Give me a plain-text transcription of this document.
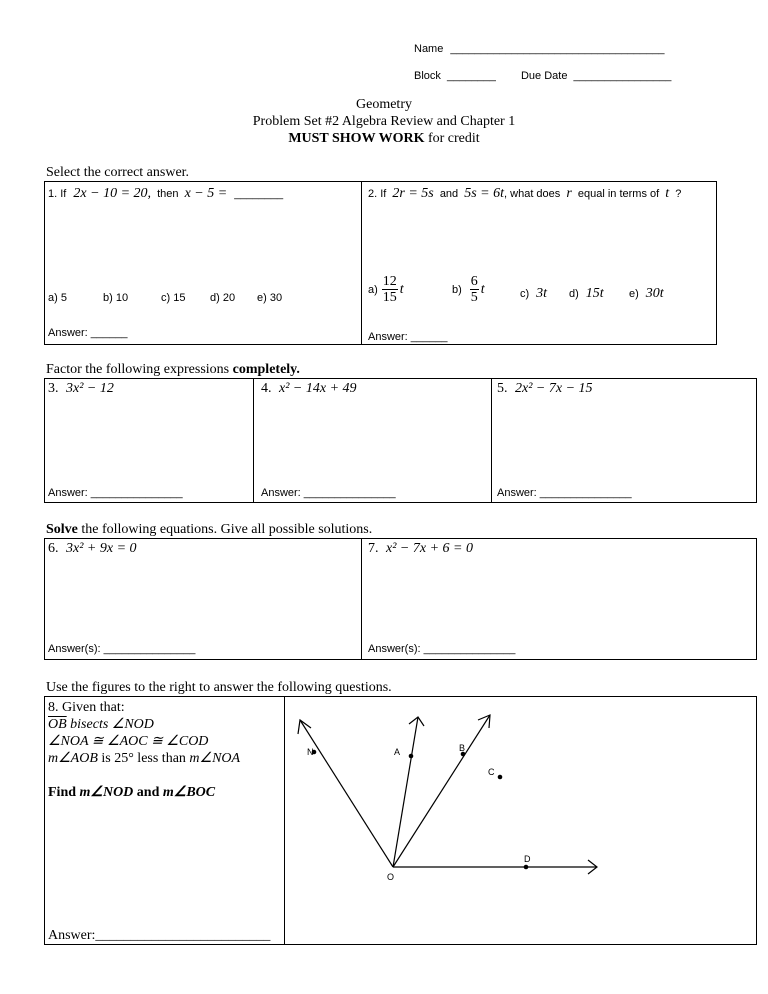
Name ___________________________________
Block ________ Due Date ________________
Geometry
Problem Set #2 Algebra Review and Chapter 1
MUST SHOW WORK for credit
Select the correct answer.
1. If 2x − 10 = 20, then x − 5 = ________
a) 5	b) 10	c) 15 d) 20 e) 30
Answer: ______
2. If 2r = 5s and 5s = 6t, what does r equal in terms of t ?
$a) \frac{12}{15}$ t	$b) \frac{6}{5}$ t	c) 3t d) 15t e) 30t
Answer: ______
Factor the following expressions completely.
3. 3x² − 12	4. x² − 14x + 49	5. 2x² − 7x − 15
Answer: _______________	Answer: _______________	Answer: _______________
Solve the following equations. Give all possible solutions.
6. 3x² + 9x = 0	7. x² − 7x + 6 = 0
Answer(s): _______________	Answer(s): _______________
Use the figures to the right to answer the following questions.
8. Given that:
$\overline{OB}$ bisects ∠NOD
∠NOA ≅ ∠AOC ≅ ∠COD
m∠AOB is 25° less than m∠NOA
Find m∠NOD and m∠BOC
Answer:_________________________
N	A	B
C
D
O
